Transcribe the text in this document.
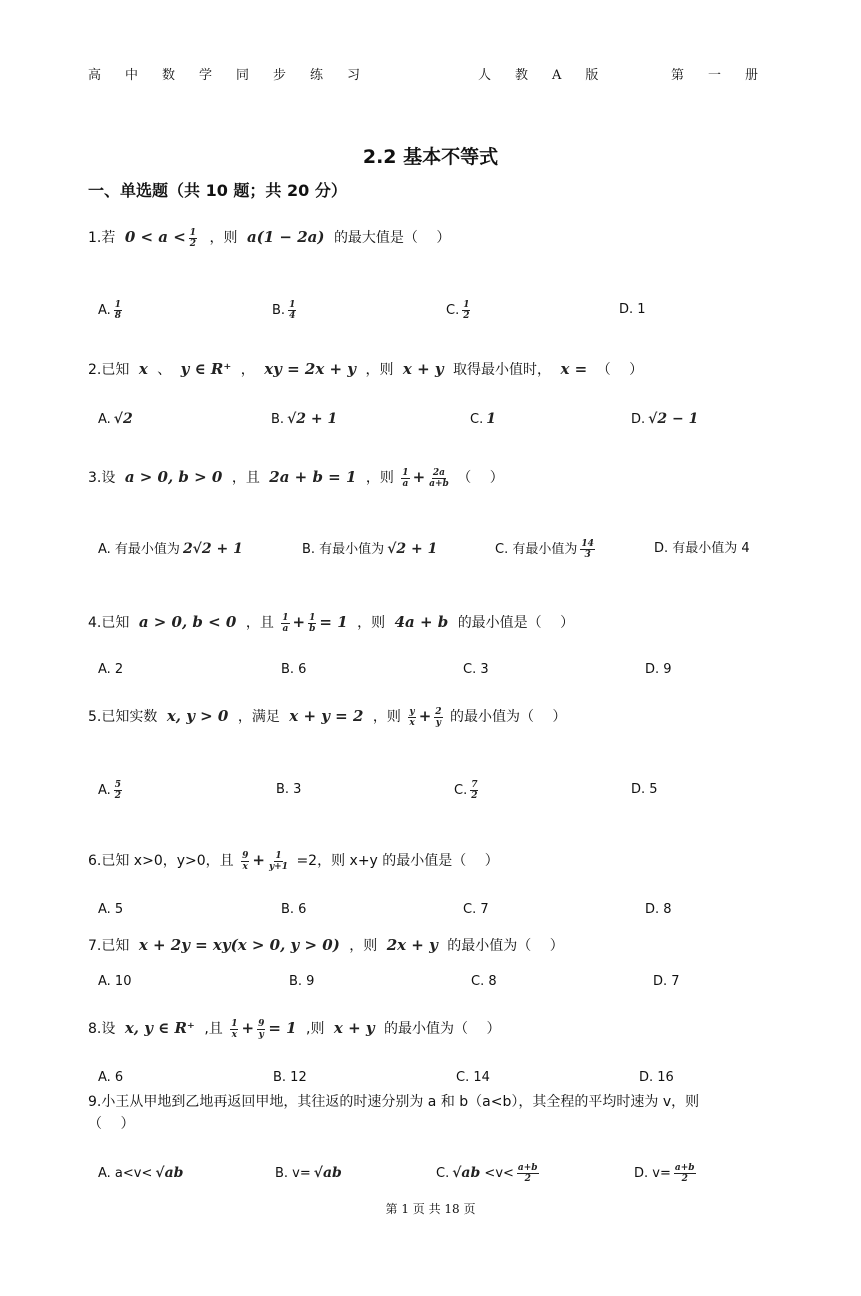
高中数学同步练习	人教A版	第一册
2.2 基本不等式
一、单选题（共 10 题；共 20 分）
1.若 $0 < a < \frac{1}{2}$ ，则 a(1 − 2a) 的最大值是（　 ）
A. $\frac{1}{8}$	B. $\frac{1}{4}$	C. $\frac{1}{2}$	D. 1
2.已知 x 、 y ∈ R⁺ ， xy = 2x + y ，则 x + y 取得最小值时， x = （　 ）
A. √2	B. √2 + 1	C. 1	D. √2 − 1
3.设 a > 0, b > 0 ，且 2a + b = 1 ，则 $\frac{1}{a} + \frac{2a}{a+b}$ （　 ）
A. 有最小值为 2√2 + 1	B. 有最小值为 √2 + 1	C. 有最小值为 $\frac{14}{3}$	D. 有最小值为 4
4.已知 a > 0, b < 0 ，且 $\frac{1}{a} + \frac{1}{b} = 1$ ，则 4a + b 的最小值是（　 ）
A. 2	B. 6	C. 3	D. 9
5.已知实数 x, y > 0 ，满足 x + y = 2 ，则 $\frac{y}{x} + \frac{2}{y}$ 的最小值为（　 ）
A. $\frac{5}{2}$	B. 3	C. $\frac{7}{2}$	D. 5
6.已知 x>0，y>0，且 $\frac{9}{x} + \frac{1}{y+1} =2$，则 x+y 的最小值是（　 ）
A. 5	B. 6	C. 7	D. 8
7.已知 x + 2y = xy(x > 0, y > 0) ，则 2x + y 的最小值为（　 ）
A. 10	B. 9	C. 8	D. 7
8.设 x, y ∈ R⁺ ,且 $\frac{1}{x} + \frac{9}{y} = 1$ ,则 x + y 的最小值为（　 ）
A. 6	B. 12	C. 14	D. 16
9.小王从甲地到乙地再返回甲地，其往返的时速分别为 a 和 b（a<b），其全程的平均时速为 v，则
（　 ）
A. a<v< √ab	B. v= √ab	C. $√ab <v< \frac{a+b}{2}$	D. $v= \frac{a+b}{2}$
第 1 页 共 18 页
